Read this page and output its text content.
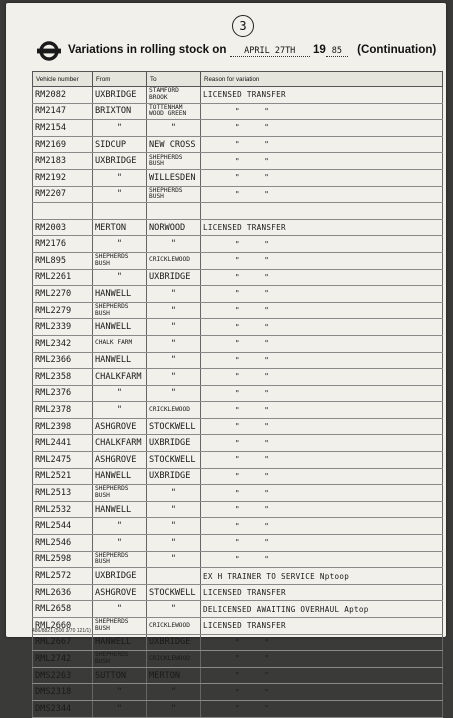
3
Variations in rolling stock on APRIL 27TH 19 85 (Continuation)
Vehicle number	From	To	Reason for variation
RM2082	UXBRIDGE	STAMFORD BROOK	LICENSED TRANSFER
RM2147	BRIXTON	TOTTENHAM WOOD GREEN	"     "
RM2154	"	"	"     "
RM2169	SIDCUP	NEW CROSS	"     "
RM2183	UXBRIDGE	SHEPHERDS BUSH	"     "
RM2192	"	WILLESDEN	"     "
RM2207	"	SHEPHERDS BUSH	"     "

RM2003	MERTON	NORWOOD	LICENSED TRANSFER
RM2176	"	"	"     "
RML895	SHEPHERDS BUSH	CRICKLEWOOD	"     "
RML2261	"	UXBRIDGE	"     "
RML2270	HANWELL	"	"     "
RML2279	SHEPHERDS BUSH	"	"     "
RML2339	HANWELL	"	"     "
RML2342	CHALK FARM	"	"     "
RML2366	HANWELL	"	"     "
RML2358	CHALKFARM	"	"     "
RML2376	"	"	"     "
RML2378	"	CRICKLEWOOD	"     "
RML2398	ASHGROVE	STOCKWELL	"     "
RML2441	CHALKFARM	UXBRIDGE	"     "
RML2475	ASHGROVE	STOCKWELL	"     "
RML2521	HANWELL	UXBRIDGE	"     "
RML2513	SHEPHERDS BUSH	"	"     "
RML2532	HANWELL	"	"     "
RML2544	"	"	"     "
RML2546	"	"	"     "
RML2598	SHEPHERDS BUSH	"	"     "
RML2572	UXBRIDGE		EX H TRAINER TO SERVICE Nptoop
RML2636	ASHGROVE	STOCKWELL	LICENSED TRANSFER
RML2658	"	"	DELICENSED AWAITING OVERHAUL Aptop
RML2660	SHEPHERDS BUSH	CRICKLEWOOD	LICENSED TRANSFER
RML2667	HANWELL	UXBRIDGE	"     "
RML2742	SHEPHERDS BUSH	CRICKLEWOOD	"     "
DMS2263	SUTTON	MERTON	"     "
DMS2318	"	"	"     "
DMS2344	"	"	"     "
486/8821 (500 3/70 121/1)
